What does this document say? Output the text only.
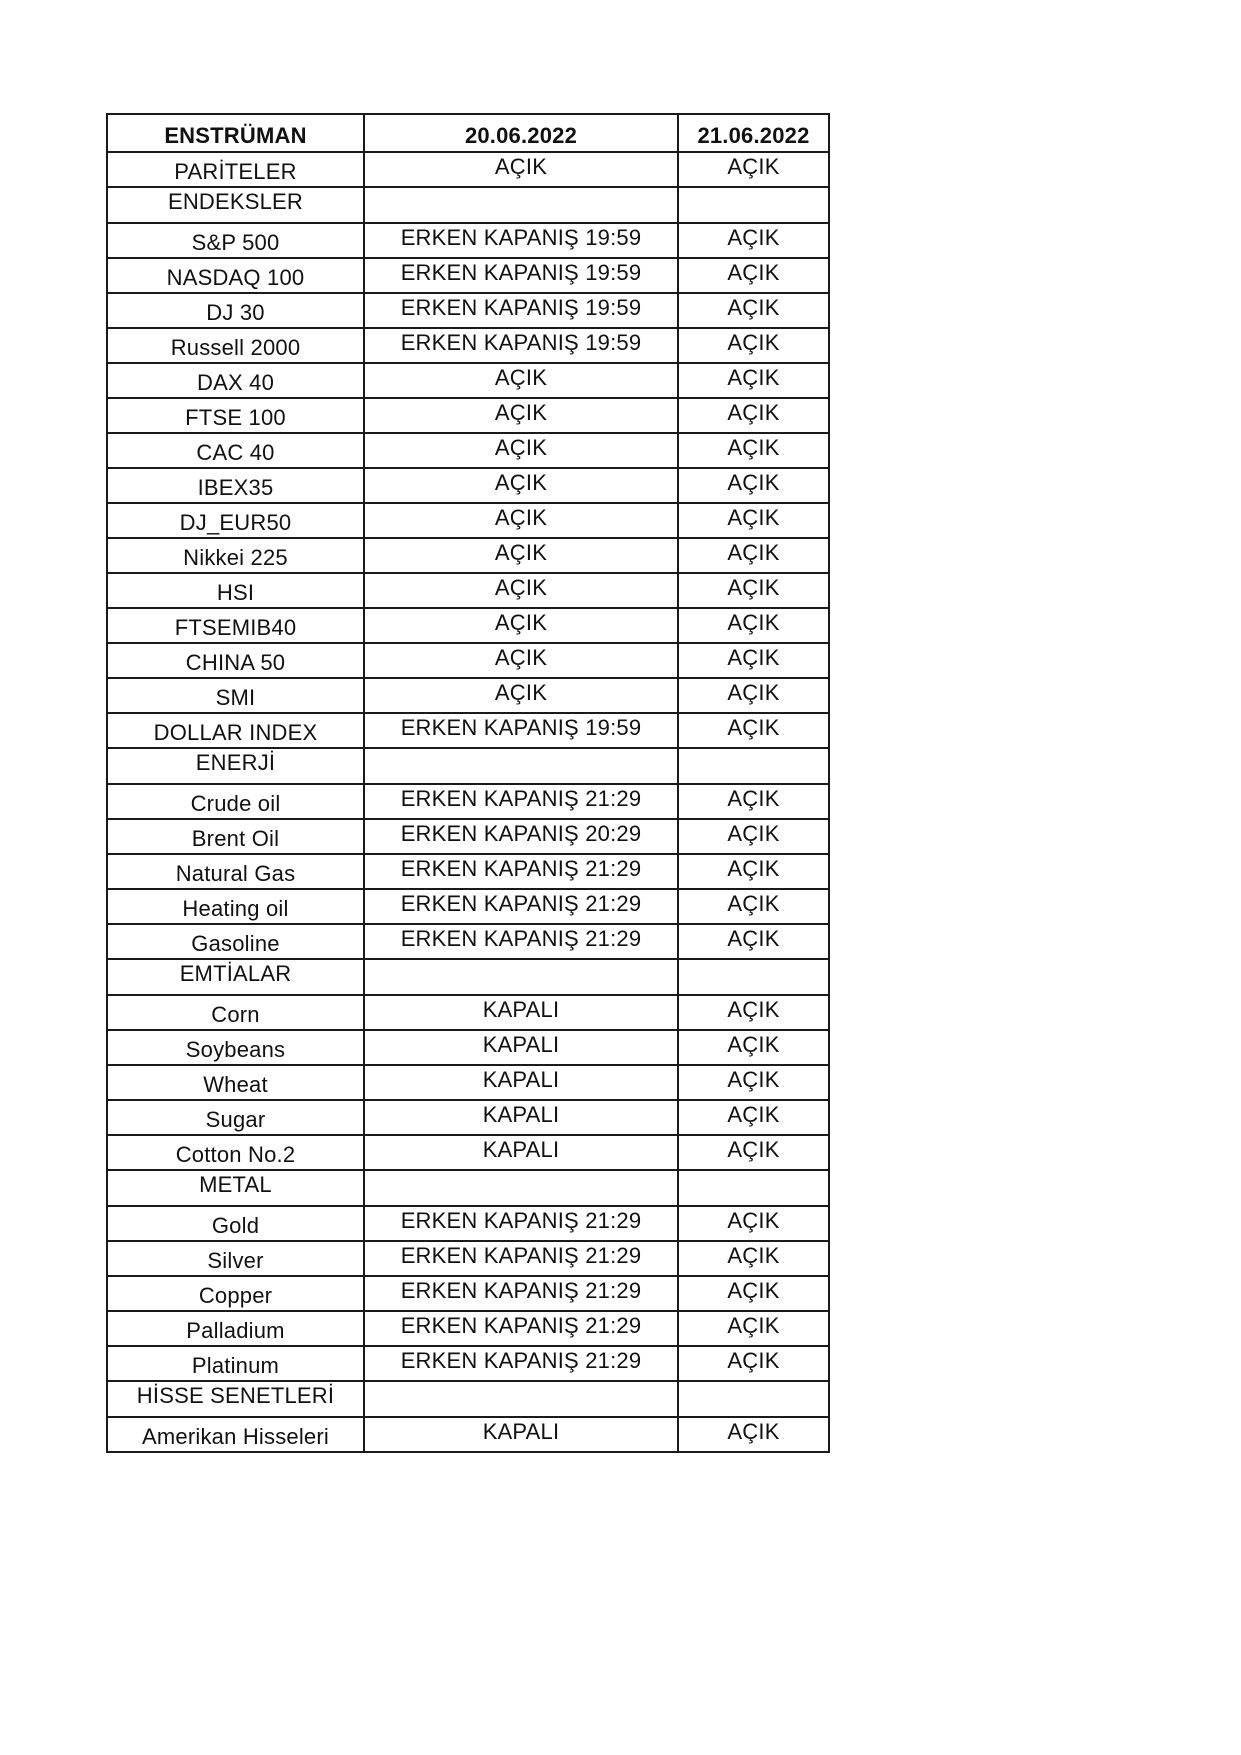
ENSTRÜMAN	20.06.2022	21.06.2022
PARİTELER	AÇIK	AÇIK
ENDEKSLER		
S&P 500	ERKEN KAPANIŞ 19:59	AÇIK
NASDAQ 100	ERKEN KAPANIŞ 19:59	AÇIK
DJ 30	ERKEN KAPANIŞ 19:59	AÇIK
Russell 2000	ERKEN KAPANIŞ 19:59	AÇIK
DAX 40	AÇIK	AÇIK
FTSE 100	AÇIK	AÇIK
CAC 40	AÇIK	AÇIK
IBEX35	AÇIK	AÇIK
DJ_EUR50	AÇIK	AÇIK
Nikkei 225	AÇIK	AÇIK
HSI	AÇIK	AÇIK
FTSEMIB40	AÇIK	AÇIK
CHINA 50	AÇIK	AÇIK
SMI	AÇIK	AÇIK
DOLLAR INDEX	ERKEN KAPANIŞ 19:59	AÇIK
ENERJİ		
Crude oil	ERKEN KAPANIŞ 21:29	AÇIK
Brent Oil	ERKEN KAPANIŞ 20:29	AÇIK
Natural Gas	ERKEN KAPANIŞ 21:29	AÇIK
Heating oil	ERKEN KAPANIŞ 21:29	AÇIK
Gasoline	ERKEN KAPANIŞ 21:29	AÇIK
EMTİALAR		
Corn	KAPALI	AÇIK
Soybeans	KAPALI	AÇIK
Wheat	KAPALI	AÇIK
Sugar	KAPALI	AÇIK
Cotton No.2	KAPALI	AÇIK
METAL		
Gold	ERKEN KAPANIŞ 21:29	AÇIK
Silver	ERKEN KAPANIŞ 21:29	AÇIK
Copper	ERKEN KAPANIŞ 21:29	AÇIK
Palladium	ERKEN KAPANIŞ 21:29	AÇIK
Platinum	ERKEN KAPANIŞ 21:29	AÇIK
HİSSE SENETLERİ		
Amerikan Hisseleri	KAPALI	AÇIK
